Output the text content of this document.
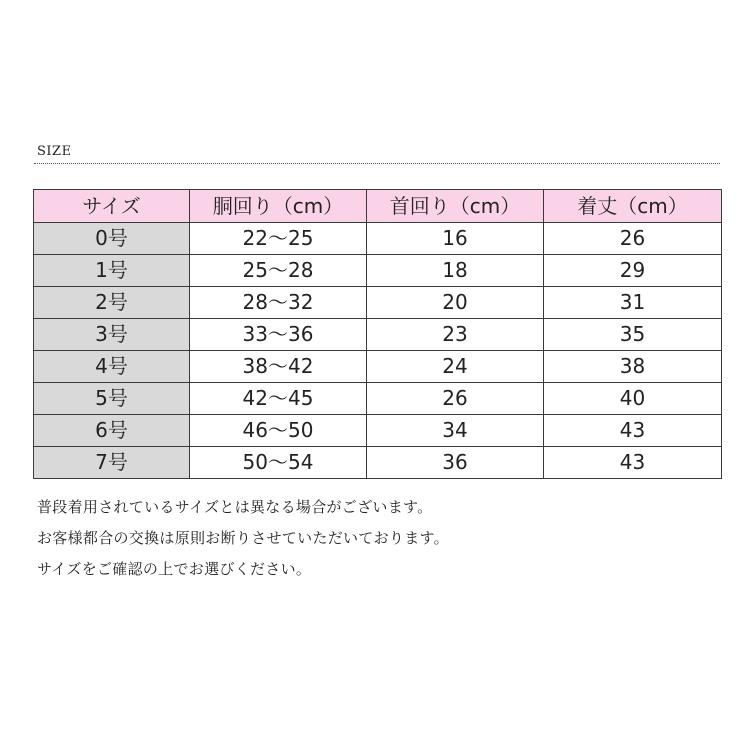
SIZE
サイズ	胴回り（cm）	首回り（cm）	着丈（cm）
0号	22～25	16	26
1号	25～28	18	29
2号	28～32	20	31
3号	33～36	23	35
4号	38～42	24	38
5号	42～45	26	40
6号	46～50	34	43
7号	50～54	36	43
普段着用されているサイズとは異なる場合がございます。
お客様都合の交換は原則お断りさせていただいております。
サイズをご確認の上でお選びください。
